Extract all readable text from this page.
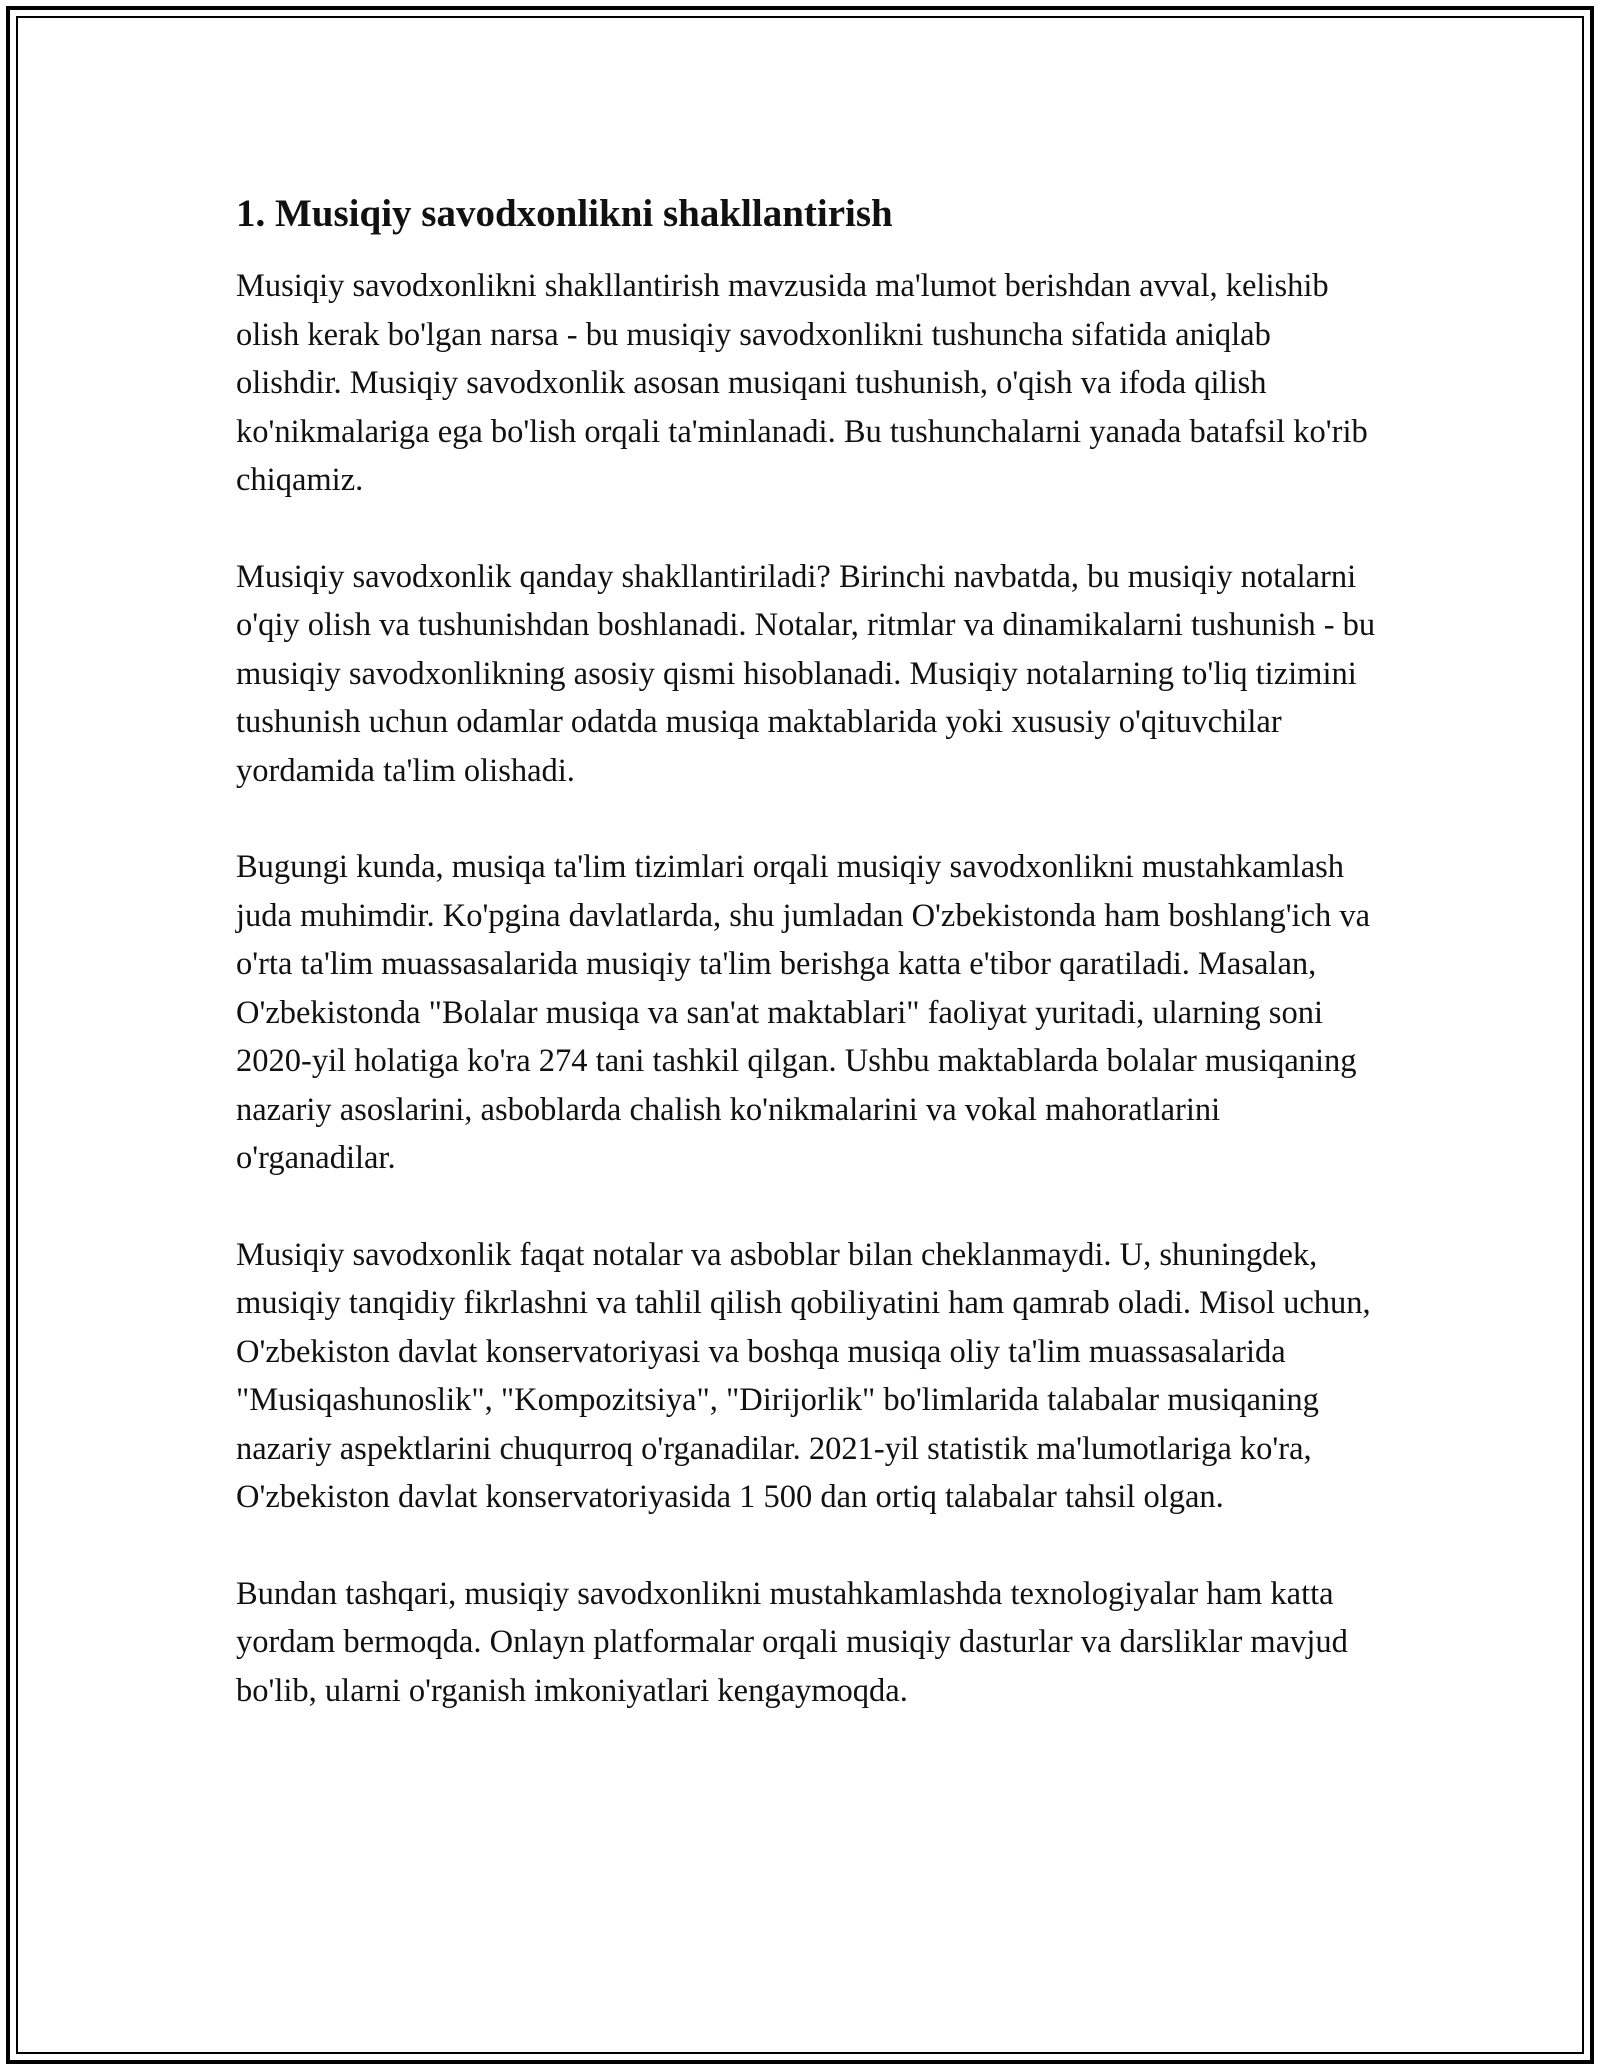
1. Musiqiy savodxonlikni shakllantirish

Musiqiy savodxonlikni shakllantirish mavzusida ma'lumot berishdan avval, kelishib olish kerak bo'lgan narsa - bu musiqiy savodxonlikni tushuncha sifatida aniqlab olishdir. Musiqiy savodxonlik asosan musiqani tushunish, o'qish va ifoda qilish ko'nikmalariga ega bo'lish orqali ta'minlanadi. Bu tushunchalarni yanada batafsil ko'rib chiqamiz.

Musiqiy savodxonlik qanday shakllantiriladi? Birinchi navbatda, bu musiqiy notalarni o'qiy olish va tushunishdan boshlanadi. Notalar, ritmlar va dinamikalarni tushunish - bu musiqiy savodxonlikning asosiy qismi hisoblanadi. Musiqiy notalarning to'liq tizimini tushunish uchun odamlar odatda musiqa maktablarida yoki xususiy o'qituvchilar yordamida ta'lim olishadi.

Bugungi kunda, musiqa ta'lim tizimlari orqali musiqiy savodxonlikni mustahkamlash juda muhimdir. Ko'pgina davlatlarda, shu jumladan O'zbekistonda ham boshlang'ich va o'rta ta'lim muassasalarida musiqiy ta'lim berishga katta e'tibor qaratiladi. Masalan, O'zbekistonda "Bolalar musiqa va san'at maktablari" faoliyat yuritadi, ularning soni 2020-yil holatiga ko'ra 274 tani tashkil qilgan. Ushbu maktablarda bolalar musiqaning nazariy asoslarini, asboblarda chalish ko'nikmalarini va vokal mahoratlarini o'rganadilar.

Musiqiy savodxonlik faqat notalar va asboblar bilan cheklanmaydi. U, shuningdek, musiqiy tanqidiy fikrlashni va tahlil qilish qobiliyatini ham qamrab oladi. Misol uchun, O'zbekiston davlat konservatoriyasi va boshqa musiqa oliy ta'lim muassasalarida "Musiqashunoslik", "Kompozitsiya", "Dirijorlik" bo'limlarida talabalar musiqaning nazariy aspektlarini chuqurroq o'rganadilar. 2021-yil statistik ma'lumotlariga ko'ra, O'zbekiston davlat konservatoriyasida 1 500 dan ortiq talabalar tahsil olgan.

Bundan tashqari, musiqiy savodxonlikni mustahkamlashda texnologiyalar ham katta yordam bermoqda. Onlayn platformalar orqali musiqiy dasturlar va darsliklar mavjud bo'lib, ularni o'rganish imkoniyatlari kengaymoqda.
